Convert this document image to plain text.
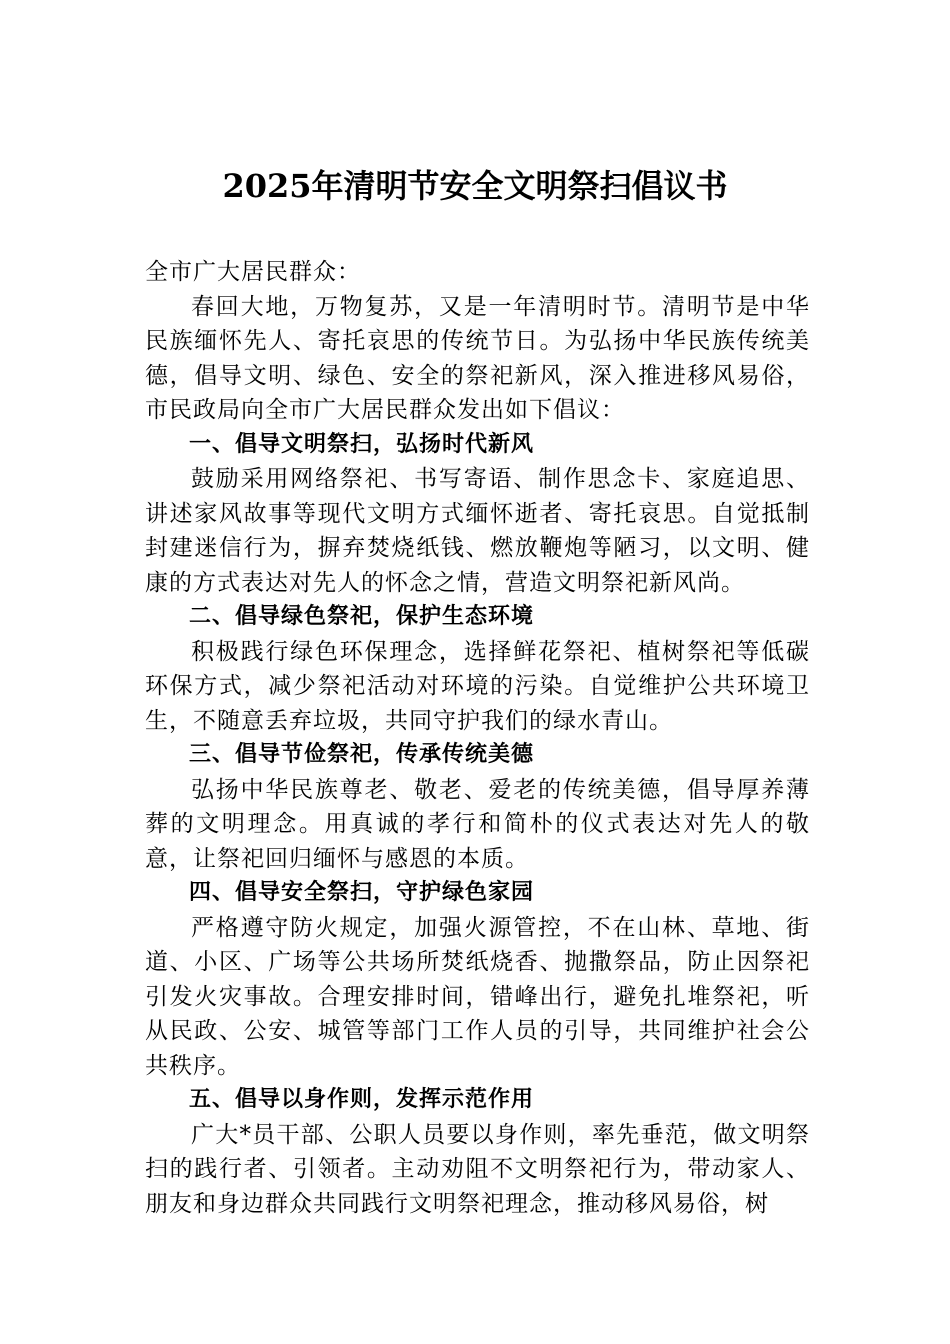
2025年清明节安全文明祭扫倡议书

全市广大居民群众：

春回大地，万物复苏，又是一年清明时节。清明节是中华民族缅怀先人、寄托哀思的传统节日。为弘扬中华民族传统美德，倡导文明、绿色、安全的祭祀新风，深入推进移风易俗，市民政局向全市广大居民群众发出如下倡议：

一、倡导文明祭扫，弘扬时代新风

鼓励采用网络祭祀、书写寄语、制作思念卡、家庭追思、讲述家风故事等现代文明方式缅怀逝者、寄托哀思。自觉抵制封建迷信行为，摒弃焚烧纸钱、燃放鞭炮等陋习，以文明、健康的方式表达对先人的怀念之情，营造文明祭祀新风尚。

二、倡导绿色祭祀，保护生态环境

积极践行绿色环保理念，选择鲜花祭祀、植树祭祀等低碳环保方式，减少祭祀活动对环境的污染。自觉维护公共环境卫生，不随意丢弃垃圾，共同守护我们的绿水青山。

三、倡导节俭祭祀，传承传统美德

弘扬中华民族尊老、敬老、爱老的传统美德，倡导厚养薄葬的文明理念。用真诚的孝行和简朴的仪式表达对先人的敬意，让祭祀回归缅怀与感恩的本质。

四、倡导安全祭扫，守护绿色家园

严格遵守防火规定，加强火源管控，不在山林、草地、街道、小区、广场等公共场所焚纸烧香、抛撒祭品，防止因祭祀引发火灾事故。合理安排时间，错峰出行，避免扎堆祭祀，听从民政、公安、城管等部门工作人员的引导，共同维护社会公共秩序。

五、倡导以身作则，发挥示范作用

广大*员干部、公职人员要以身作则，率先垂范，做文明祭扫的践行者、引领者。主动劝阻不文明祭祀行为，带动家人、朋友和身边群众共同践行文明祭祀理念，推动移风易俗，树
